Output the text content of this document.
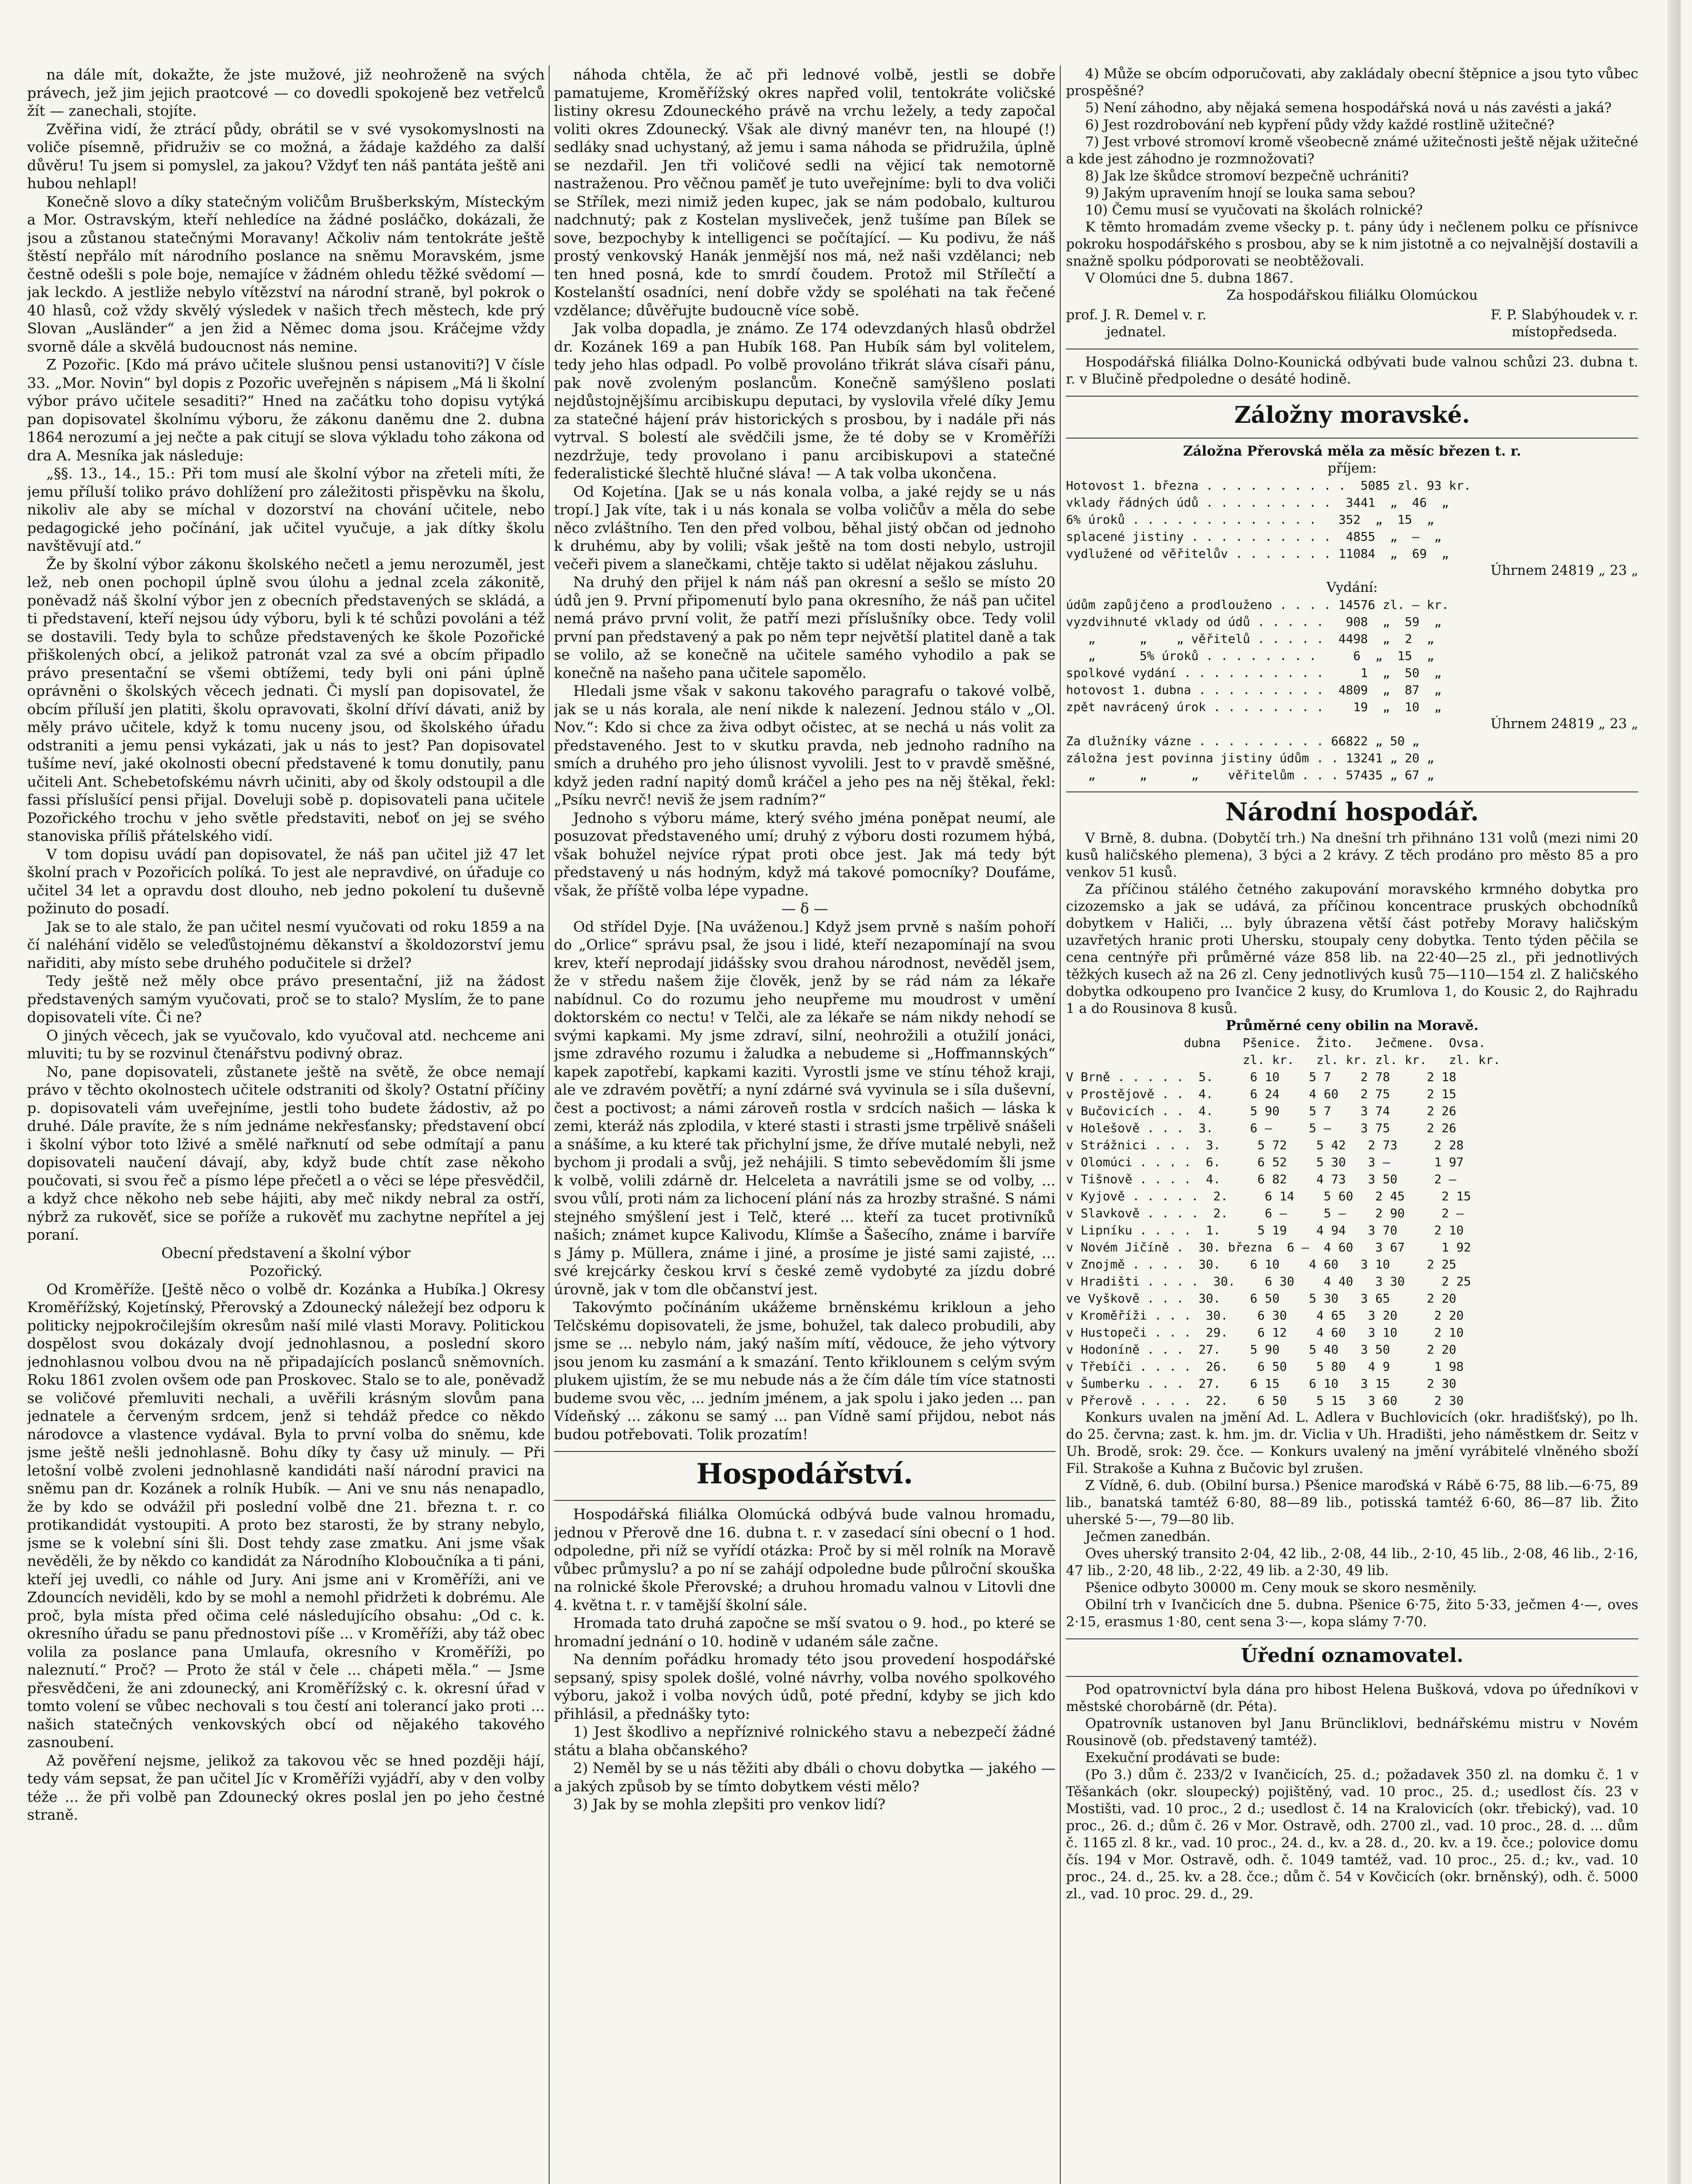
na dále mít, dokažte, že jste mužové, již neohroženě na svých právech, jež jim jejich praotcové — co dovedli spokojeně bez vetřelců žít — zanechali, stojíte.

Zvěřina vidí, že ztrácí půdy, obrátil se v své vysokomyslnosti na voliče písemně, přidruživ se co možná, a žádaje každého za další důvěru! Tu jsem si pomyslel, za jakou? Vždyť ten náš pantáta ještě ani hubou nehlapl!

Konečně slovo a díky statečným voličům Brušberkským, Místeckým a Mor. Ostravským, kteří nehledíce na žádné posláčko, dokázali, že jsou a zůstanou statečnými Moravany! Ačkoliv nám tentokráte ještě štěstí nepřálo mít národního poslance na sněmu Moravském, jsme čestně odešli s pole boje, nemajíce v žádném ohledu těžké svědomí — jak leckdo. A jestliže nebylo vítězství na národní straně, byl pokrok o 40 hlasů, což vždy skvělý výsledek v našich třech městech, kde prý Slovan „Ausländer“ a jen žid a Němec doma jsou. Kráčejme vždy svorně dále a skvělá budoucnost nás nemine.

Z Pozořic. [Kdo má právo učitele slušnou pensi ustanoviti?] V čísle 33. „Mor. Novin“ byl dopis z Pozořic uveřejněn s nápisem „Má li školní výbor právo učitele sesaditi?“ Hned na začátku toho dopisu vytýká pan dopisovatel školnímu výboru, že zákonu daněmu dne 2. dubna 1864 nerozumí a jej nečte a pak citují se slova výkladu toho zákona od dra A. Mesníka jak následuje:

„§§. 13., 14., 15.: Při tom musí ale školní výbor na zřeteli míti, že jemu příluší toliko právo dohlížení pro záležitosti přispěvku na školu, nikoliv ale aby se míchal v dozorství na chování učitele, nebo pedagogické jeho počínání, jak učitel vyučuje, a jak dítky školu navštěvují atd.“

Že by školní výbor zákonu školského nečetl a jemu nerozuměl, jest lež, neb onen pochopil úplně svou úlohu a jednal zcela zákonitě, poněvadž náš školní výbor jen z obecních představených se skládá, a ti představení, kteří nejsou údy výboru, byli k té schůzi povoláni a též se dostavili. Tedy byla to schůze představených ke škole Pozořické přiškolených obcí, a jelikož patronát vzal za své a obcím připadlo právo presentační se všemi obtížemi, tedy byli oni páni úplně oprávněni o školských věcech jednati. Či myslí pan dopisovatel, že obcím příluší jen platiti, školu opravovati, školní dříví dávati, aniž by měly právo učitele, když k tomu nuceny jsou, od školského úřadu odstraniti a jemu pensi vykázati, jak u nás to jest? Pan dopisovatel tušíme neví, jaké okolnosti obecní představené k tomu donutily, panu učiteli Ant. Schebetofskému návrh učiniti, aby od školy odstoupil a dle fassi příslušící pensi přijal. Doveluji sobě p. dopisovateli pana učitele Pozořického trochu v jeho světle představiti, neboť on jej se svého stanoviska příliš přátelského vidí.

V tom dopisu uvádí pan dopisovatel, že náš pan učitel již 47 let školní prach v Pozořicích políká. To jest ale nepravdivé, on úřaduje co učitel 34 let a opravdu dost dlouho, neb jedno pokolení tu duševně požinuto do posadí.

Jak se to ale stalo, že pan učitel nesmí vyučovati od roku 1859 a na čí naléhání vidělo se veleďůstojnému děkanství a školdozorství jemu nařiditi, aby místo sebe druhého podučitele si držel?

Tedy ještě než měly obce právo presentační, již na žádost představených samým vyučovati, proč se to stalo? Myslím, že to pane dopisovateli víte. Či ne?

O jiných věcech, jak se vyučovalo, kdo vyučoval atd. nechceme ani mluviti; tu by se rozvinul čtenářstvu podivný obraz.

No, pane dopisovateli, zůstanete ještě na světě, že obce nemají právo v těchto okolnostech učitele odstraniti od školy? Ostatní příčiny p. dopisovateli vám uveřejníme, jestli toho budete žádostiv, až po druhé. Dále pravíte, že s ním jednáme nekřesťansky; představení obcí i školní výbor toto lživé a smělé nařknutí od sebe odmítají a panu dopisovateli naučení dávají, aby, když bude chtít zase někoho poučovati, si svou řeč a písmo lépe přečetl a o věci se lépe přesvědčil, a když chce někoho neb sebe hájiti, aby meč nikdy nebral za ostří, nýbrž za rukověť, sice se poříže a rukověť mu zachytne nepřítel a jej poraní.

Obecní představení a školní výbor
Pozořický.

Od Kroměříže. [Ještě něco o volbě dr. Kozánka a Hubíka.] Okresy Kroměřížský, Kojetínský, Přerovský a Zdounecký náležejí bez odporu k politicky nejpokročilejším okresům naší milé vlasti Moravy. Politickou dospělost svou dokázaly dvojí jednohlasnou, a poslední skoro jednohlasnou volbou dvou na ně připadajících poslanců sněmovních. Roku 1861 zvolen ovšem ode pan Proskovec. Stalo se to ale, poněvadž se voličové přemluviti nechali, a uvěřili krásným slovům pana jednatele a červeným srdcem, jenž si tehdáž předce co někdo národovce a vlastence vydával. Byla to první volba do sněmu, kde jsme ještě nešli jednohlasně. Bohu díky ty časy už minuly. — Při letošní volbě zvoleni jednohlasně kandidáti naší národní pravici na sněmu pan dr. Kozánek a rolník Hubík. — Ani ve snu nás nenapadlo, že by kdo se odvážil při poslední volbě dne 21. března t. r. co protikandidát vystoupiti. A proto bez starosti, že by strany nebylo, jsme se k volební síni šli. Dost tehdy zase zmatku. Ani jsme však nevěděli, že by někdo co kandidát za Národního Kloboučníka a ti páni, kteří jej uvedli, co náhle od Jury. Ani jsme ani v Kroměříži, ani ve Zdouncích neviděli, kdo by se mohl a nemohl přidržeti k dobrému. Ale proč, byla místa před očima celé následujícího obsahu: „Od c. k. okresního úřadu se panu přednostovi píše ... v Kroměříži, aby táž obec volila za poslance pana Umlaufa, okresního v Kroměříži, po naleznutí.“ Proč? — Proto že stál v čele ... chápeti měla.“ — Jsme přesvědčeni, že ani zdounecký, ani Kroměřížský c. k. okresní úřad v tomto volení se vůbec nechovali s tou čestí ani tolerancí jako proti ... našich statečných venkovských obcí od nějakého takového zasnoubení.

Až pověření nejsme, jelikož za takovou věc se hned později hájí, tedy vám sepsat, že pan učitel Jíc v Kroměříži vyjádří, aby v den volby téže ... že při volbě pan Zdounecký okres poslal jen po jeho čestné straně.

náhoda chtěla, že ač při lednové volbě, jestli se dobře pamatujeme, Kroměřížský okres napřed volil, tentokráte voličské listiny okresu Zdouneckého právě na vrchu ležely, a tedy započal voliti okres Zdounecký. Však ale divný manévr ten, na hloupé (!) sedláky snad uchystaný, až jemu i sama náhoda se přidružila, úplně se nezdařil. Jen tři voličové sedli na vějicí tak nemotorně nastraženou. Pro věčnou paměť je tuto uveřejníme: byli to dva voliči se Střílek, mezi nimiž jeden kupec, jak se nám podobalo, kulturou nadchnutý; pak z Kostelan mysliveček, jenž tušíme pan Bílek se sove, bezpochyby k intelligenci se počítající. — Ku podivu, že náš prostý venkovský Hanák jenmější nos má, než naši vzdělanci; neb ten hned posná, kde to smrdí čoudem. Protož mil Střílečtí a Kostelanští osadníci, není dobře vždy se spoléhati na tak řečené vzdělance; důvěřujte budoucně více sobě.

Jak volba dopadla, je známo. Ze 174 odevzdaných hlasů obdržel dr. Kozánek 169 a pan Hubík 168. Pan Hubík sám byl volitelem, tedy jeho hlas odpadl. Po volbě provoláno třikrát sláva císaři pánu, pak nově zvoleným poslancům. Konečně samýšleno poslati nejdůstojnějšímu arcibiskupu deputaci, by vyslovila vřelé díky Jemu za statečné hájení práv historických s prosbou, by i nadále při nás vytrval. S bolestí ale svědčili jsme, že té doby se v Kroměříži nezdržuje, tedy provolano i panu arcibiskupovi a statečné federalistické šlechtě hlučné sláva! — A tak volba ukončena.

Od Kojetína. [Jak se u nás konala volba, a jaké rejdy se u nás tropí.] Jak víte, tak i u nás konala se volba voličův a měla do sebe něco zvláštního. Ten den před volbou, běhal jistý občan od jednoho k druhému, aby by volili; však ještě na tom dosti nebylo, ustrojil večeři pivem a slanečkami, chtěje takto si udělat nějakou zásluhu.

Na druhý den přijel k nám náš pan okresní a sešlo se místo 20 údů jen 9. První připomenutí bylo pana okresního, že náš pan učitel nemá právo první volit, že patří mezi příslušníky obce. Tedy volil první pan představený a pak po něm tepr největší platitel daně a tak se volilo, až se konečně na učitele samého vyhodilo a pak se konečně na našeho pana učitele sapomělo.

Hledali jsme však v sakonu takového paragrafu o takové volbě, jak se u nás korala, ale není nikde k nalezení. Jednou stálo v „Ol. Nov.“: Kdo si chce za živa odbyt očistec, at se nechá u nás volit za představeného. Jest to v skutku pravda, neb jednoho radního na smích a druhého pro jeho úlisnost vyvolili. Jest to v pravdě směšné, když jeden radní napitý domů kráčel a jeho pes na něj štěkal, řekl: „Psíku nevrč! neviš že jsem radním?“

Jednoho s výboru máme, který svého jména poněpat neumí, ale posuzovat představeného umí; druhý z výboru dosti rozumem hýbá, však bohužel nejvíce rýpat proti obce jest. Jak má tedy být představený u nás hodným, když má takové pomocníky? Doufáme, však, že příště volba lépe vypadne.

— δ —

Od střídel Dyje. [Na uváženou.] Když jsem prvně s naším pohoří do „Orlice“ správu psal, že jsou i lidé, kteří nezapomínají na svou krev, kteří neprodají jidášsky svou drahou národnost, nevěděl jsem, že v středu našem žije člověk, jenž by se rád nám za lékaře nabídnul. Co do rozumu jeho neupřeme mu moudrost v umění doktorském co nectu! v Telči, ale za lékaře se nám nikdy nehodí se svými kapkami. My jsme zdraví, silní, neohrožili a otužilí jonáci, jsme zdravého rozumu i žaludka a nebudeme si „Hoffmannských“ kapek zapotřebí, kapkami kaziti. Vyrostli jsme ve stínu téhož kraji, ale ve zdravém povětří; a nyní zdárné svá vyvinula se i síla duševní, čest a poctivost; a námi zároveň rostla v srdcích našich — láska k zemi, kteráž nás zplodila, v které stasti i strasti jsme trpělivě snášeli a snášíme, a ku které tak přichylní jsme, že dříve mutalé nebyli, než bychom ji prodali a svůj, jež nehájili. S timto sebevědomím šli jsme k volbě, volili zdárně dr. Helceleta a navrátili jsme se od volby, ... svou vůlí, proti nám za lichocení plání nás za hrozby strašné. S námi stejného smýšlení jest i Telč, které ... kteří za tucet protivníků našich; známet kupce Kalivodu, Klímše a Šašecího, známe i barvíře s Jámy p. Müllera, známe i jiné, a prosíme je jisté sami zajisté, ... své krejcárky českou krví s české země vydobyté za jízdu dobré úrovně, jak v tom dle občanství jest.

Takovýmto počínáním ukážeme brněnskému krikloun a jeho Telčskému dopisovateli, že jsme, bohužel, tak daleco probudili, aby jsme se ... nebylo nám, jaký naším mítí, vědouce, že jeho výtvory jsou jenom ku zasmání a k smazání. Tento křiklounem s celým svým plukem ujistím, že se mu nebude nás a že čím dále tím více statnosti budeme svou věc, ... jedním jménem, a jak spolu i jako jeden ... pan Vídeňský ... zákonu se samý ... pan Vídně samí přijdou, nebot nás budou potřebovati. Tolik prozatím!

Hospodářství.

Hospodářská filiálka Olomúcká odbývá bude valnou hromadu, jednou v Přerově dne 16. dubna t. r. v zasedací síni obecní o 1 hod. odpoledne, při níž se vyřídí otázka: Proč by si měl rolník na Moravě vůbec průmyslu? a po ní se zahájí odpoledne bude půlroční skouška na rolnické škole Přerovské; a druhou hromadu valnou v Litovli dne 4. května t. r. v tamější školní sále.

Hromada tato druhá započne se mší svatou o 9. hod., po které se hromadní jednání o 10. hodině v udaném sále začne.

Na denním pořádku hromady této jsou provedení hospodářské sepsaný, spisy spolek došlé, volné návrhy, volba nového spolkového výboru, jakož i volba nových údů, poté přední, kdyby se jich kdo přihlásil, a přednášky tyto:

1) Jest škodlivo a nepříznivé rolnického stavu a nebezpečí žádné státu a blaha občanského?

2) Neměl by se u nás těžiti aby dbáli o chovu dobytka — jakého — a jakých způsob by se tímto dobytkem vésti mělo?

3) Jak by se mohla zlepšiti pro venkov lidí?

4) Může se obcím odporučovati, aby zakládaly obecní štěpnice a jsou tyto vůbec prospěšné?

5) Není záhodno, aby nějaká semena hospodářská nová u nás zavésti a jaká?

6) Jest rozdrobování neb kypření půdy vždy každé rostlině užitečné?

7) Jest vrbové stromoví kromě všeobecně známé užitečnosti ještě nějak užitečné a kde jest záhodno je rozmnožovati?

8) Jak lze škůdce stromoví bezpečně uchrániti?

9) Jakým upravením hnojí se louka sama sebou?

10) Čemu musí se vyučovati na školách rolnické?

K těmto hromadám zveme všecky p. t. pány údy i nečlenem polku ce přísnivce pokroku hospodářského s prosbou, aby se k nim jistotně a co nejvalnější dostavili a snažně spolku pódporovati se neobtěžovali.

V Olomúci dne 5. dubna 1867.

Za hospodářskou filiálku Olomúckou

prof. J. R. Demel v. r.
jednatel.
F. P. Slabýhoudek v. r.
místopředseda.

Hospodářská filiálka Dolno-Kounická odbývati bude valnou schůzi 23. dubna t. r. v Blučině předpoledne o desáté hodině.

Záložny moravské.

Záložna Přerovská měla za měsíc březen t. r.

příjem:

Hotovost 1. března . . . . . . . . . .  5085 zl. 93 kr.

vklady řádných údů . . . . . . . . .  3441  „  46  „

6% úroků . . . . . . . . . . . . .   352  „  15  „

splacené jistiny . . . . . . . . . .  4855  „  —  „

vydlužené od věřitelův . . . . . . . 11084  „  69  „

Úhrnem 24819 „ 23 „

Vydání:

údům zapůjčeno a prodlouženo . . . . 14576 zl. — kr.

vyzdvihnuté vklady od údů . . . . .   908  „  59  „

„      „    „ věřitelů . . . . .  4498  „  2  „

„      5% úroků . . . . . . . .     6  „  15  „

spolkové vydání . . . . . . . . . .     1  „  50  „

hotovost 1. dubna . . . . . . . . .  4809  „  87  „

zpět navrácený úrok . . . . . . . .    19  „  10  „

Úhrnem 24819 „ 23 „

Za dlužníky vázne . . . . . . . . . 66822 „ 50 „

záložna jest povinna jistiny údům . . 13241 „ 20 „

„      „      „    věřitelům . . . 57435 „ 67 „

Národní hospodář.

V Brně, 8. dubna. (Dobytčí trh.) Na dnešní trh přihnáno 131 volů (mezi nimi 20 kusů haličského plemena), 3 býci a 2 krávy. Z těch prodáno pro město 85 a pro venkov 51 kusů.

Za příčinou stálého četného zakupování moravského krmného dobytka pro cizozemsko a jak se udává, za příčinou koncentrace pruských obchodníků dobytkem v Haliči, ... byly úbrazena větší část potřeby Moravy haličským uzavřetých hranic proti Uhersku, stoupaly ceny dobytka. Tento týden pěčila se cena centnýře při průměrné váze 858 lib. na 22·40—25 zl., při jednotlivých těžkých kusech až na 26 zl. Ceny jednotlivých kusů 75—110—154 zl. Z haličského dobytka odkoupeno pro Ivančice 2 kusy, do Krumlova 1, do Kousic 2, do Rajhradu 1 a do Rousinova 8 kusů.

Průměrné ceny obilin na Moravě.

dubna   Pšenice.  Žito.   Ječmene.  Ovsa.
zl. kr.   zl. kr. zl. kr.   zl. kr.

V Brně . . . . .  5.     6 10    5 7    2 78     2 18

v Prostějově . .  4.     6 24    4 60   2 75     2 15

v Bučovicích . .  4.     5 90    5 7    3 74     2 26

v Holešově . . .  3.     6 —     5 —    3 75     2 26

v Strážnici . . .  3.     5 72    5 42   2 73     2 28

v Olomúci . . . .  6.     6 52    5 30   3 —      1 97

v Tišnově . . . .  4.     6 82    4 73   3 50     2 —

v Kyjově . . . . .  2.     6 14    5 60   2 45     2 15

v Slavkově . . . .  2.     6 —     5 —    2 90     2 —

v Lipníku . . . .  1.     5 19    4 94   3 70     2 10

v Novém Jičíně .  30. března  6 —  4 60   3 67     1 92

v Znojmě . . . .  30.    6 10    4 60   3 10     2 25

v Hradišti . . . .  30.    6 30    4 40   3 30     2 25

ve Vyškově . . .  30.    6 50    5 30   3 65     2 20

v Kroměříži . . .  30.    6 30    4 65   3 20     2 20

v Hustopeči . . .  29.    6 12    4 60   3 10     2 10

v Hodoníně . . .  27.    5 90    5 40   3 50     2 20

v Třebíči . . . .  26.    6 50    5 80   4 9      1 98

v Šumberku . . .  27.    6 15    6 10   3 15     2 30

v Přerově . . . .  22.    6 50    5 15   3 60     2 30

Konkurs uvalen na jmění Ad. L. Adlera v Buchlovicích (okr. hradišťský), po lh. do 25. června; zast. k. hm. jm. dr. Viclia v Uh. Hradišti, jeho náměstkem dr. Seitz v Uh. Brodě, srok: 29. čce. — Konkurs uvalený na jmění vyrábitelé vlněného sboží Fil. Strakoše a Kuhna z Bučovic byl zrušen.

Z Vídně, 6. dub. (Obilní bursa.) Pšenice maroďská v Rábě 6·75, 88 lib.—6·75, 89 lib., banatská tamtéž 6·80, 88—89 lib., potisská tamtéž 6·60, 86—87 lib. Žito uherské 5·—, 79—80 lib.

Ječmen zanedbán.

Oves uherský transito 2·04, 42 lib., 2·08, 44 lib., 2·10, 45 lib., 2·08, 46 lib., 2·16, 47 lib., 2·20, 48 lib., 2·22, 49 lib. a 2·30, 49 lib.

Pšenice odbyto 30000 m. Ceny mouk se skoro nesměnily.

Obilní trh v Ivančicích dne 5. dubna. Pšenice 6·75, žito 5·33, ječmen 4·—, oves 2·15, erasmus 1·80, cent sena 3·—, kopa slámy 7·70.

Úřední oznamovatel.

Pod opatrovnictví byla dána pro hibost Helena Bušková, vdova po úředníkovi v městské chorobárně (dr. Péta).

Opatrovník ustanoven byl Janu Brüncliklovi, bednářskému mistru v Novém Rousinově (ob. představený tamtéž).

Exekuční prodávati se bude:

(Po 3.) dům č. 233/2 v Ivančicích, 25. d.; požadavek 350 zl. na domku č. 1 v Těšankách (okr. sloupecký) pojištěný, vad. 10 proc., 25. d.; usedlost čís. 23 v Mostišti, vad. 10 proc., 2 d.; usedlost č. 14 na Kralovicích (okr. třebický), vad. 10 proc., 26. d.; dům č. 26 v Mor. Ostravě, odh. 2700 zl., vad. 10 proc., 28. d. ... dům č. 1165 zl. 8 kr., vad. 10 proc., 24. d., kv. a 28. d., 20. kv. a 19. čce.; polovice domu čís. 194 v Mor. Ostravě, odh. č. 1049 tamtéž, vad. 10 proc., 25. d.; kv., vad. 10 proc., 24. d., 25. kv. a 28. čce.; dům č. 54 v Kovčicích (okr. brněnský), odh. č. 5000 zl., vad. 10 proc. 29. d., 29.
